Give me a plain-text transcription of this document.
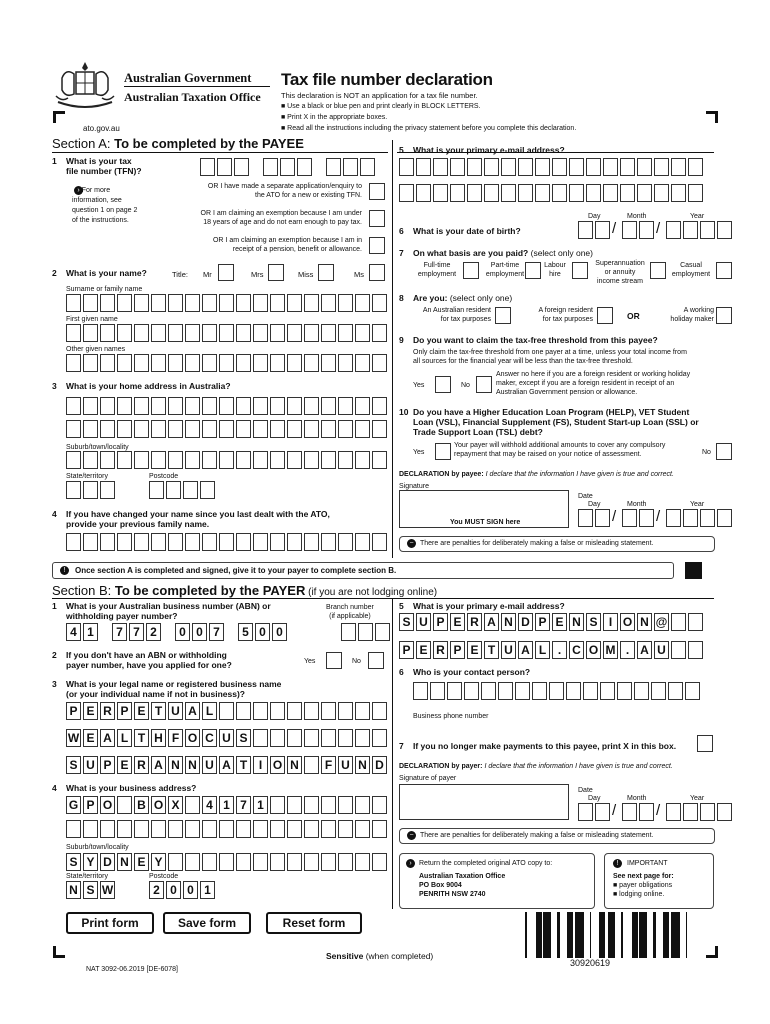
Australian Government
Australian Taxation Office
ato.gov.au
Tax file number declaration
This declaration is NOT an application for a tax file number.
■ Use a black or blue pen and print clearly in BLOCK LETTERS.
■ Print X in the appropriate boxes.
■ Read all the instructions including the privacy statement before you complete this declaration.
Section A: To be completed by the PAYEE
1 What is your tax
file number (TFN)?
› For more
information, see
question 1 on page 2
of the instructions.
OR I have made a separate application/enquiry to
the ATO for a new or existing TFN.
OR I am claiming an exemption because I am under
18 years of age and do not earn enough to pay tax.
OR I am claiming an exemption because I am in
receipt of a pension, benefit or allowance.
2 What is your name?	Title: Mr	Mrs	Miss	Ms
Surname or family name
First given name
Other given names
3 What is your home address in Australia?
Suburb/town/locality
State/territory	Postcode
4 If you have changed your name since you last dealt with the ATO,
provide your previous family name.
5 What is your primary e-mail address?
6 What is your date of birth?
Day	Month	Year
/	/
7 On what basis are you paid? (select only one)
Full-time
employment
Part-time
employment
Labour
hire
Superannuation
or annuity
income stream
Casual
employment
8 Are you: (select only one)
An Australian resident
for tax purposes
A foreign resident
for tax purposes	OR
A working
holiday maker
9 Do you want to claim the tax-free threshold from this payee?
Only claim the tax-free threshold from one payer at a time, unless your total income from
all sources for the financial year will be less than the tax-free threshold.
Yes	No
Answer no here if you are a foreign resident or working holiday
maker, except if you are a foreign resident in receipt of an
Australian Government pension or allowance.
10 Do you have a Higher Education Loan Program (HELP), VET Student
Loan (VSL), Financial Supplement (FS), Student Start-up Loan (SSL) or
Trade Support Loan (TSL) debt?
Yes
Your payer will withhold additional amounts to cover any compulsory
repayment that may be raised on your notice of assessment.	No
DECLARATION by payee: I declare that the information I have given is true and correct.
Signature
You MUST SIGN here
Date
Day	Month	Year
/	/
− There are penalties for deliberately making a false or misleading statement.
!	Once section A is completed and signed, give it to your payer to complete section B.
Section B: To be completed by the PAYER (if you are not lodging online)
1 What is your Australian business number (ABN) or
withholding payer number?
Branch number
(if applicable)
4 1	7 7 2	0 0 7	5 0 0
2 If you don't have an ABN or withholding
payer number, have you applied for one?	Yes	No
3 What is your legal name or registered business name
(or your individual name if not in business)?
P E R P E T U A L
W E A L T H F O C U S
S U P E R A N N U A T I O N	F U N D
4 What is your business address?
G P O B O X	4 1 7 1
Suburb/town/locality
S Y D N E Y
State/territory
N S W
Postcode
2 0 0 1
5 What is your primary e-mail address?
S U P E R A N D P E N S I O N @
P E R P E T U A L . C O M . A U
6 Who is your contact person?
Business phone number
7 If you no longer make payments to this payee, print X in this box.
DECLARATION by payer: I declare that the information I have given is true and correct.
Signature of payer
Date
Day	Month	Year
/	/
− There are penalties for deliberately making a false or misleading statement.
›	Return the completed original ATO copy to:
Australian Taxation Office
PO Box 9004
PENRITH NSW 2740
!	IMPORTANT
See next page for:
■ payer obligations
■ lodging online.
Print form	Save form	Reset form
Sensitive (when completed)
NAT 3092-06.2019 [DE-6078]
30920619
